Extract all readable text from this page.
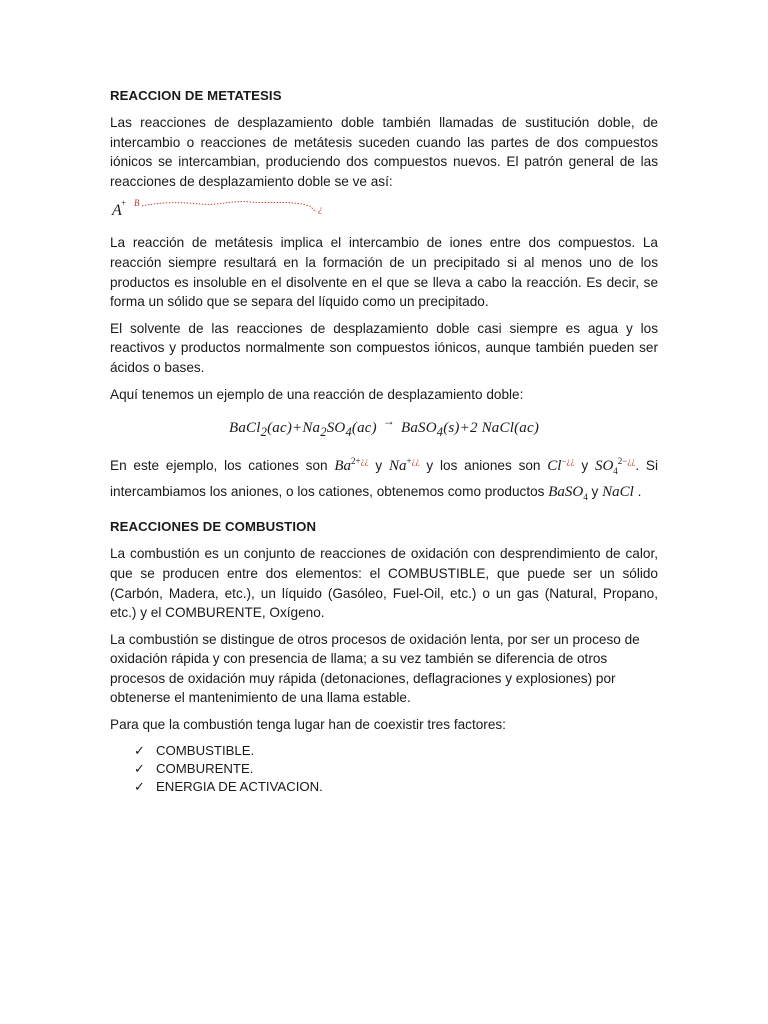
REACCION DE METATESIS

Las reacciones de desplazamiento doble también llamadas de sustitución doble, de intercambio o reacciones de metátesis suceden cuando las partes de dos compuestos iónicos se intercambian, produciendo dos compuestos nuevos. El patrón general de las reacciones de desplazamiento doble se ve así:

A + B
¿

La reacción de metátesis implica el intercambio de iones entre dos compuestos. La reacción siempre resultará en la formación de un precipitado si al menos uno de los productos es insoluble en el disolvente en el que se lleva a cabo la reacción. Es decir, se forma un sólido que se separa del líquido como un precipitado.

El solvente de las reacciones de desplazamiento doble casi siempre es agua y los reactivos y productos normalmente son compuestos iónicos, aunque también pueden ser ácidos o bases.

Aquí tenemos un ejemplo de una reacción de desplazamiento doble:

$BaCl_2(ac)+Na_2SO_4(ac)$ → BaSO$_4$(s)+2 NaCl(ac)

En este ejemplo, los cationes son $Ba^{2+¿¿}$ y Na+¿¿ y los aniones son Cl−¿¿ y $SO_4^{2-¿¿}$. Si intercambiamos los aniones, o los cationes, obtenemos como productos BaSO$_4$ y NaCl .

REACCIONES DE COMBUSTION

La combustión es un conjunto de reacciones de oxidación con desprendimiento de calor, que se producen entre dos elementos: el COMBUSTIBLE, que puede ser un sólido (Carbón, Madera, etc.), un líquido (Gasóleo, Fuel-Oil, etc.) o un gas (Natural, Propano, etc.) y el COMBURENTE, Oxígeno.

La combustión se distingue de otros procesos de oxidación lenta, por ser un proceso de oxidación rápida y con presencia de llama; a su vez también se diferencia de otros procesos de oxidación muy rápida (detonaciones, deflagraciones y explosiones) por obtenerse el mantenimiento de una llama estable.

Para que la combustión tenga lugar han de coexistir tres factores:

✓ COMBUSTIBLE.
✓ COMBURENTE.
✓ ENERGIA DE ACTIVACION.
